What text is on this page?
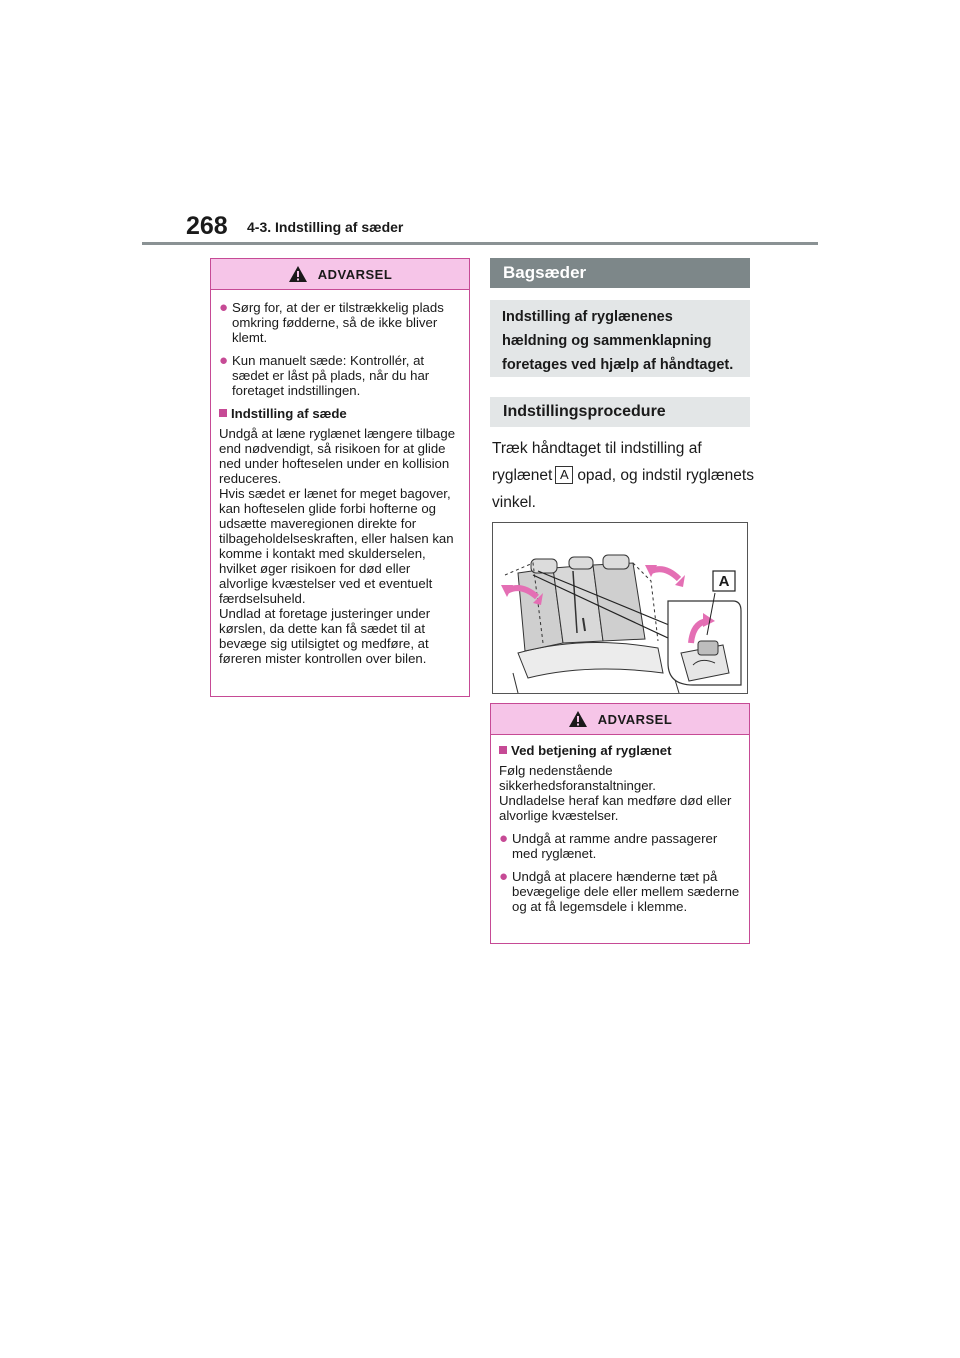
268 4-3. Indstilling af sæder
ADVARSEL
● Sørg for, at der er tilstrækkelig plads omkring fødderne, så de ikke bliver klemt.
● Kun manuelt sæde: Kontrollér, at sædet er låst på plads, når du har foretaget indstillingen.
Indstilling af sæde
Undgå at læne ryglænet længere tilbage end nødvendigt, så risikoen for at glide ned under hofteselen under en kollision reduceres.
Hvis sædet er lænet for meget bagover, kan hofteselen glide forbi hofterne og udsætte maveregionen direkte for tilbageholdelseskraften, eller halsen kan komme i kontakt med skulderselen, hvilket øger risikoen for død eller alvorlige kvæstelser ved et eventuelt færdselsuheld.
Undlad at foretage justeringer under kørslen, da dette kan få sædet til at bevæge sig utilsigtet og medføre, at føreren mister kontrollen over bilen.
Bagsæder
Indstilling af ryglænenes hældning og sammenklapning foretages ved hjælp af håndtaget.
Indstillingsprocedure
Træk håndtaget til indstilling af ryglænet A opad, og indstil ryglænets vinkel.
A
ADVARSEL
Ved betjening af ryglænet
Følg nedenstående sikkerhedsforanstaltninger.
Undladelse heraf kan medføre død eller alvorlige kvæstelser.
● Undgå at ramme andre passagerer med ryglænet.
● Undgå at placere hænderne tæt på bevægelige dele eller mellem sæderne og at få legemsdele i klemme.
